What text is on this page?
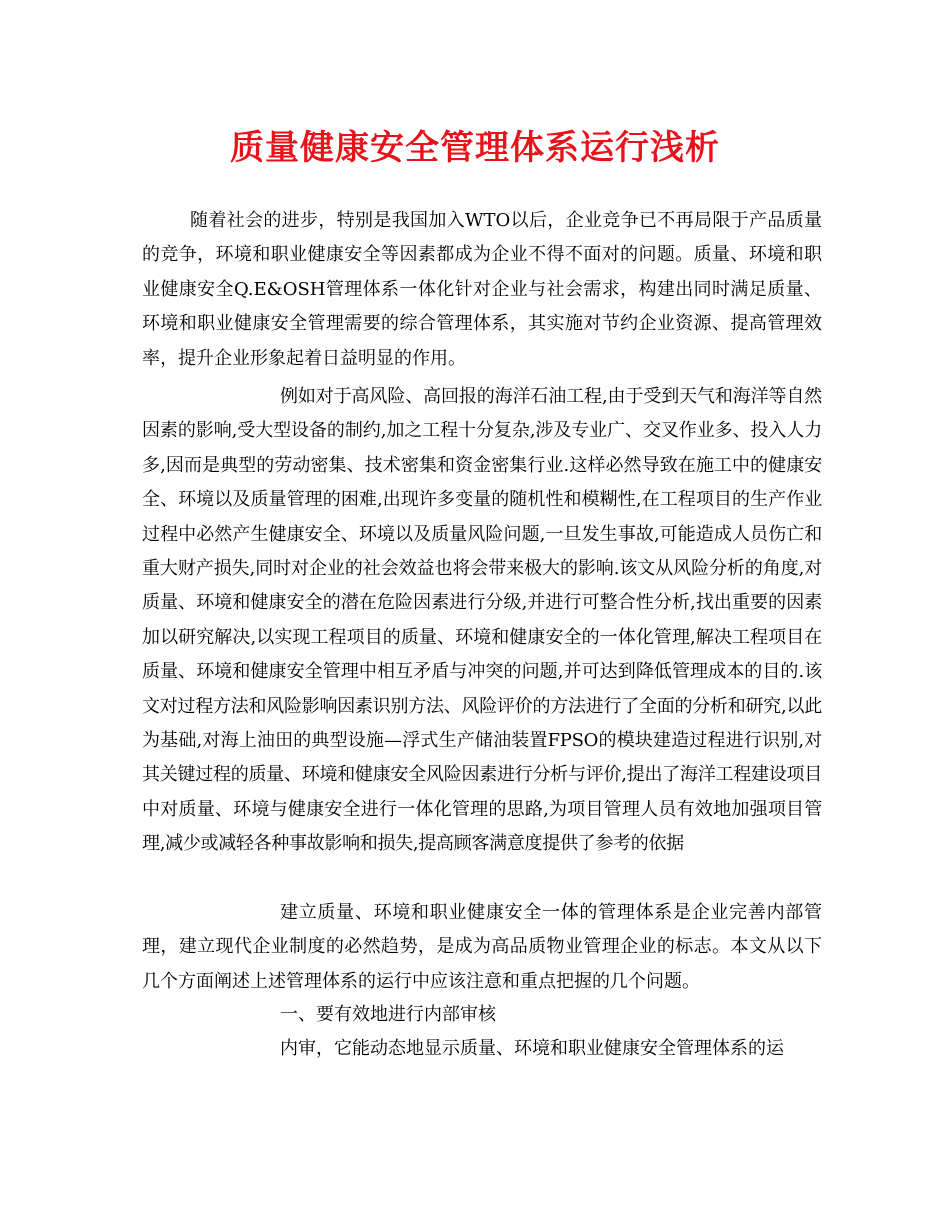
质量健康安全管理体系运行浅析

随着社会的进步，特别是我国加入WTO以后，企业竞争已不再局限于产品质量的竞争，环境和职业健康安全等因素都成为企业不得不面对的问题。质量、环境和职业健康安全Q.E&OSH管理体系一体化针对企业与社会需求，构建出同时满足质量、环境和职业健康安全管理需要的综合管理体系，其实施对节约企业资源、提高管理效率，提升企业形象起着日益明显的作用。

例如对于高风险、高回报的海洋石油工程,由于受到天气和海洋等自然因素的影响,受大型设备的制约,加之工程十分复杂,涉及专业广、交叉作业多、投入人力多,因而是典型的劳动密集、技术密集和资金密集行业.这样必然导致在施工中的健康安全、环境以及质量管理的困难,出现许多变量的随机性和模糊性,在工程项目的生产作业过程中必然产生健康安全、环境以及质量风险问题,一旦发生事故,可能造成人员伤亡和重大财产损失,同时对企业的社会效益也将会带来极大的影响.该文从风险分析的角度,对质量、环境和健康安全的潜在危险因素进行分级,并进行可整合性分析,找出重要的因素加以研究解决,以实现工程项目的质量、环境和健康安全的一体化管理,解决工程项目在质量、环境和健康安全管理中相互矛盾与冲突的问题,并可达到降低管理成本的目的.该文对过程方法和风险影响因素识别方法、风险评价的方法进行了全面的分析和研究,以此为基础,对海上油田的典型设施—浮式生产储油装置FPSO的模块建造过程进行识别,对其关键过程的质量、环境和健康安全风险因素进行分析与评价,提出了海洋工程建设项目中对质量、环境与健康安全进行一体化管理的思路,为项目管理人员有效地加强项目管理,减少或减轻各种事故影响和损失,提高顾客满意度提供了参考的依据

建立质量、环境和职业健康安全一体的管理体系是企业完善内部管理，建立现代企业制度的必然趋势，是成为高品质物业管理企业的标志。本文从以下几个方面阐述上述管理体系的运行中应该注意和重点把握的几个问题。

一、要有效地进行内部审核

内审，它能动态地显示质量、环境和职业健康安全管理体系的运
